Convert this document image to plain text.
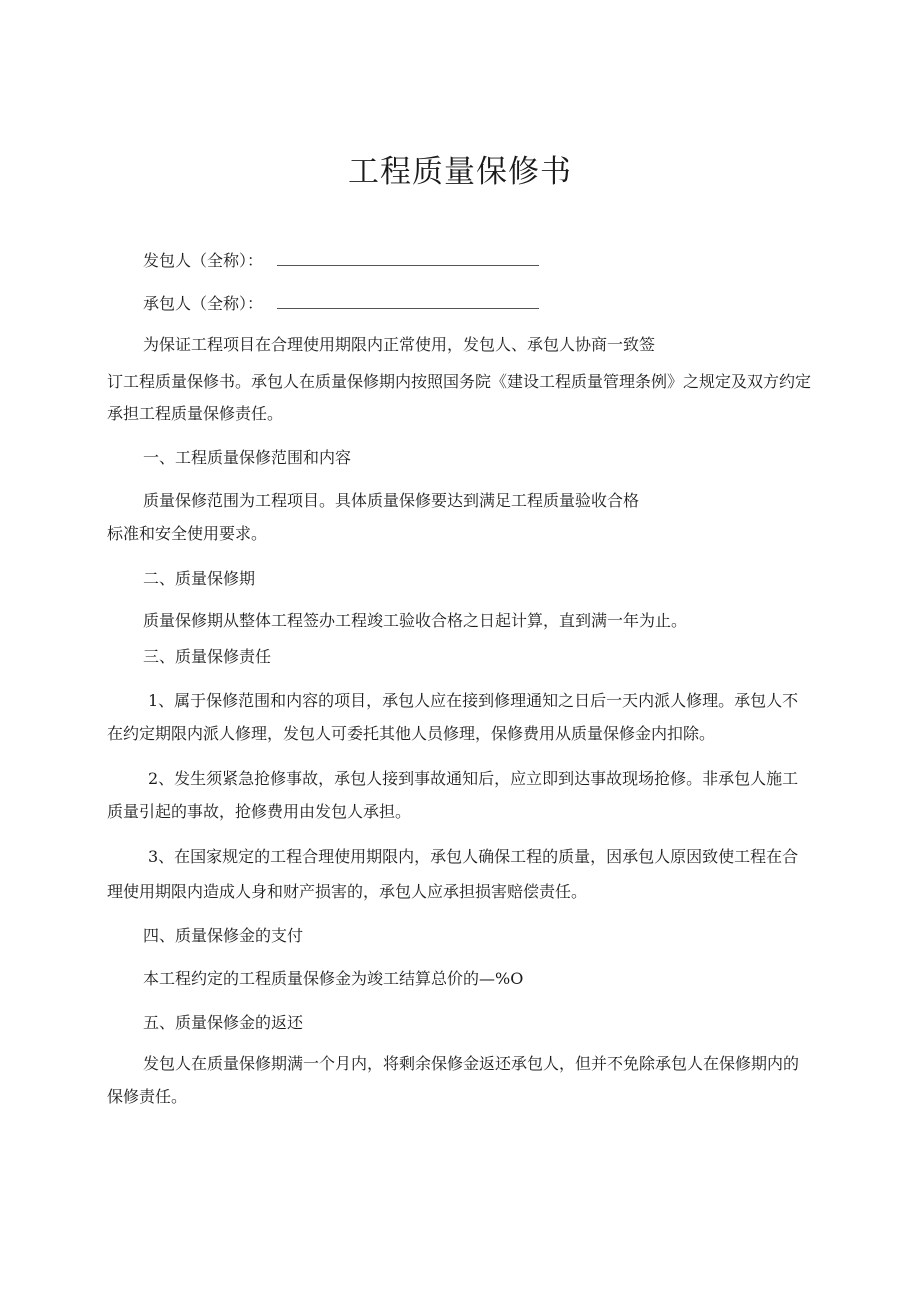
工程质量保修书
发包人（全称）：
承包人（全称）：
为保证工程项目在合理使用期限内正常使用，发包人、承包人协商一致签
订工程质量保修书。承包人在质量保修期内按照国务院《建设工程质量管理条例》之规定及双方约定
承担工程质量保修责任。
一、工程质量保修范围和内容
质量保修范围为工程项目。具体质量保修要达到满足工程质量验收合格
标准和安全使用要求。
二、质量保修期
质量保修期从整体工程签办工程竣工验收合格之日起计算，直到满一年为止。
三、质量保修责任
1、属于保修范围和内容的项目，承包人应在接到修理通知之日后一天内派人修理。承包人不
在约定期限内派人修理，发包人可委托其他人员修理，保修费用从质量保修金内扣除。
2、发生须紧急抢修事故，承包人接到事故通知后，应立即到达事故现场抢修。非承包人施工
质量引起的事故，抢修费用由发包人承担。
3、在国家规定的工程合理使用期限内，承包人确保工程的质量，因承包人原因致使工程在合
理使用期限内造成人身和财产损害的，承包人应承担损害赔偿责任。
四、质量保修金的支付
本工程约定的工程质量保修金为竣工结算总价的—%O
五、质量保修金的返还
发包人在质量保修期满一个月内，将剩余保修金返还承包人，但并不免除承包人在保修期内的
保修责任。
